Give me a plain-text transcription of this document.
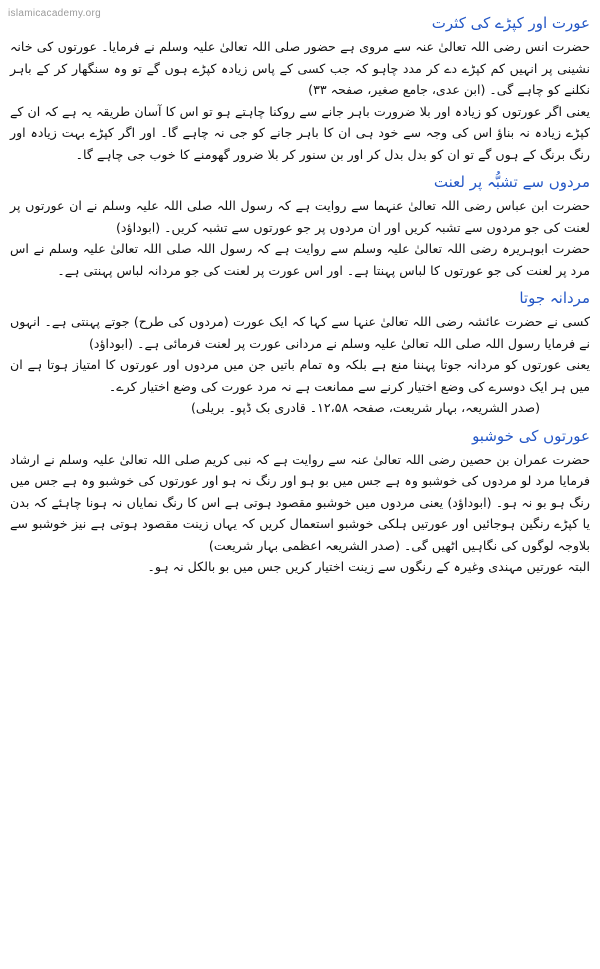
islamicacademy.org
عورت اور کپڑے کی کثرت

حضرت انس رضی اللہ تعالیٰ عنہ سے مروی ہے حضور صلی اللہ تعالیٰ علیہ وسلم نے فرمایا۔ عورتوں کی خانہ نشینی پر انہیں کم کپڑے دے کر مدد چاہو کہ جب کسی کے پاس زیادہ کپڑے ہوں گے تو وہ سنگھار کر کے باہر نکلنے کو چاہے گی۔ (ابن عدی، جامع صغیر، صفحہ ۳۳)

یعنی اگر عورتوں کو زیادہ اور بلا ضرورت باہر جانے سے روکنا چاہتے ہو تو اس کا آسان طریقہ یہ ہے کہ ان کے کپڑے زیادہ نہ بناؤ اس کی وجہ سے خود ہی ان کا باہر جانے کو جی نہ چاہے گا۔ اور اگر کپڑے بہت زیادہ اور رنگ برنگ کے ہوں گے تو ان کو بدل بدل کر اور بن سنور کر بلا ضرور گھومنے کا خوب جی چاہے گا۔

مردوں سے تشبُّہ پر لعنت

حضرت ابن عباس رضی اللہ تعالیٰ عنہما سے روایت ہے کہ رسول اللہ صلی اللہ علیہ وسلم نے ان عورتوں پر لعنت کی جو مردوں سے تشبہ کریں اور ان مردوں پر جو عورتوں سے تشبہ کریں۔ (ابوداؤد)

حضرت ابوہریرہ رضی اللہ تعالیٰ علیہ وسلم سے روایت ہے کہ رسول اللہ صلی اللہ تعالیٰ علیہ وسلم نے اس مرد پر لعنت کی جو عورتوں کا لباس پہنتا ہے۔ اور اس عورت پر لعنت کی جو مردانہ لباس پہنتی ہے۔

مردانہ جوتا

کسی نے حضرت عائشہ رضی اللہ تعالیٰ عنہا سے کہا کہ ایک عورت (مردوں کی طرح) جوتے پہنتی ہے۔ انہوں نے فرمایا رسول اللہ صلی اللہ تعالیٰ علیہ وسلم نے مردانی عورت پر لعنت فرمائی ہے۔ (ابوداؤد)

یعنی عورتوں کو مردانہ جوتا پہننا منع ہے بلکہ وہ تمام باتیں جن میں مردوں اور عورتوں کا امتیاز ہوتا ہے ان میں ہر ایک دوسرے کی وضع اختیار کرنے سے ممانعت ہے نہ مرد عورت کی وضع اختیار کرے۔

(صدر الشریعہ، بہار شریعت، صفحہ ۱۲،۵۸۔ قادری بک ڈپو۔ بریلی)

عورتوں کی خوشبو

حضرت عمران بن حصین رضی اللہ تعالیٰ عنہ سے روایت ہے کہ نبی کریم صلی اللہ تعالیٰ علیہ وسلم نے ارشاد فرمایا مرد لو مردوں کی خوشبو وہ ہے جس میں بو ہو اور رنگ نہ ہو اور عورتوں کی خوشبو وہ ہے جس میں رنگ ہو بو نہ ہو۔ (ابوداؤد) یعنی مردوں میں خوشبو مقصود ہوتی ہے اس کا رنگ نمایاں نہ ہونا چاہئے کہ بدن یا کپڑے رنگین ہوجائیں اور عورتیں ہلکی خوشبو استعمال کریں کہ یہاں زینت مقصود ہوتی ہے نیز خوشبو سے بلاوجہ لوگوں کی نگاہیں اٹھیں گی۔ (صدر الشریعہ اعظمی بہار شریعت)

البتہ عورتیں مہندی وغیرہ کے رنگوں سے زینت اختیار کریں جس میں بو بالکل نہ ہو۔
